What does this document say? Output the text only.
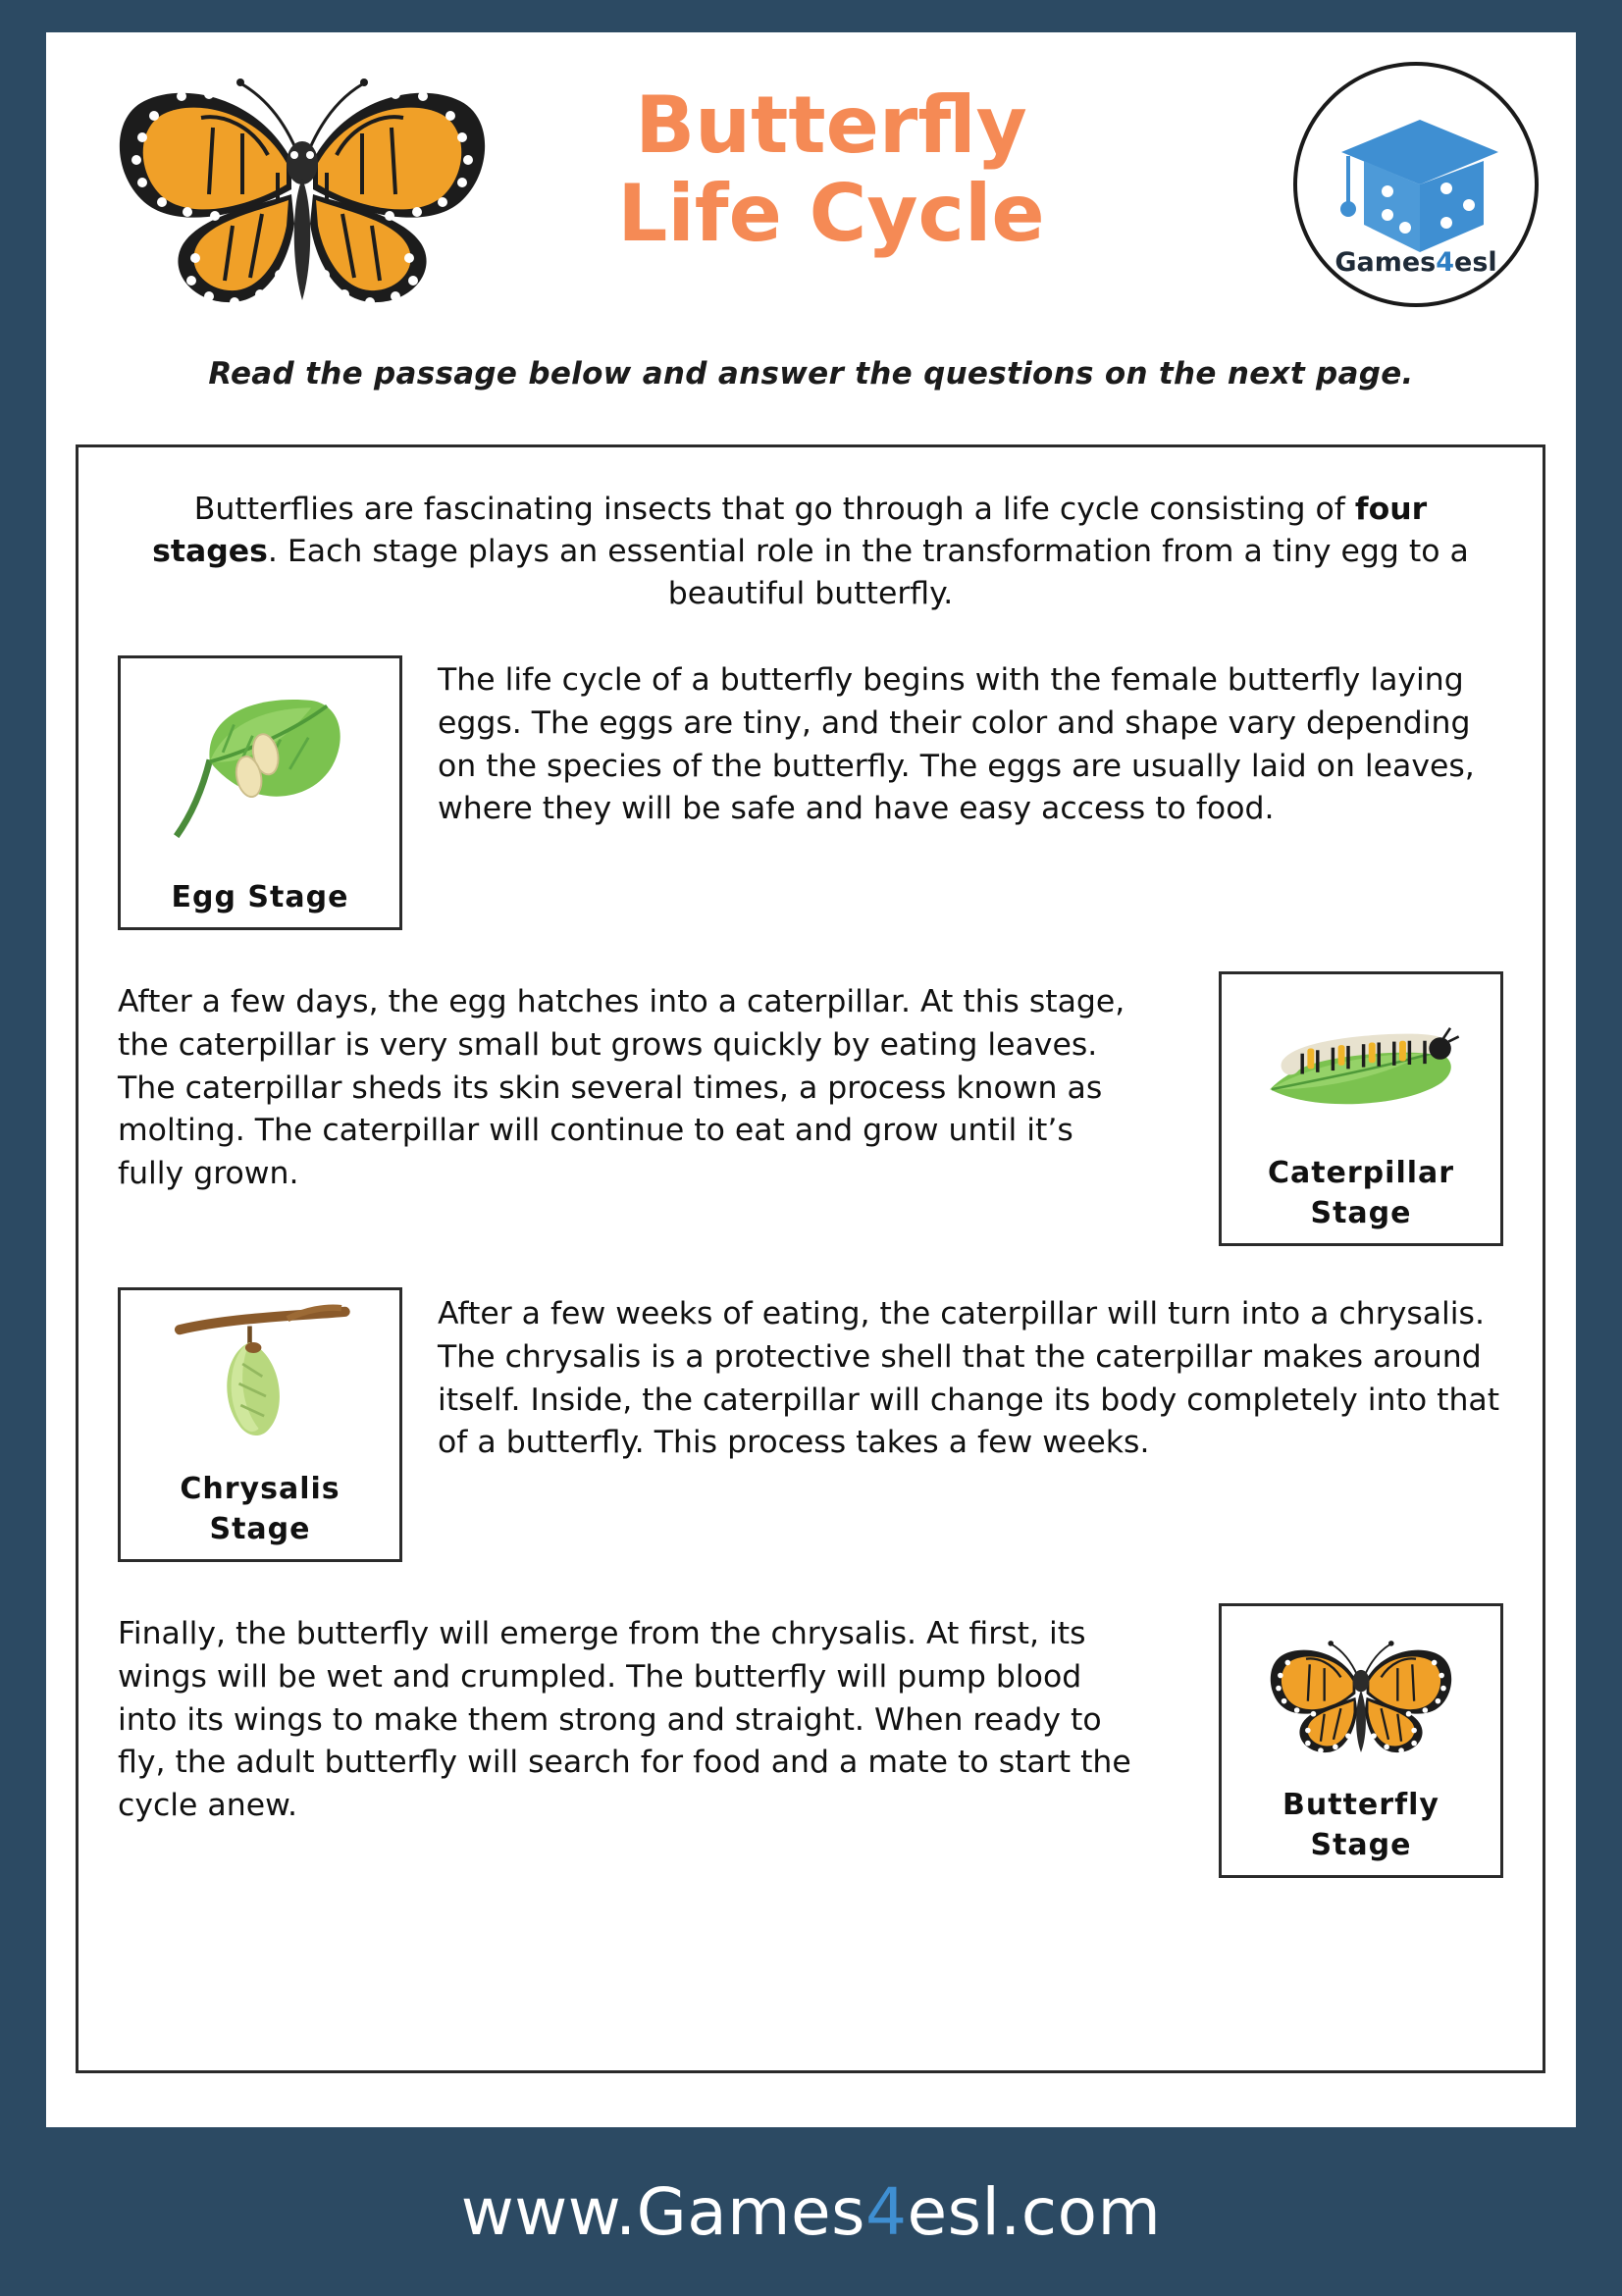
Butterfly
Life Cycle
Games4esl
Read the passage below and answer the questions on the next page.

Butterflies are fascinating insects that go through a life cycle consisting of four stages. Each stage plays an essential role in the transformation from a tiny egg to a beautiful butterfly.

Egg Stage
The life cycle of a butterfly begins with the female butterfly laying eggs. The eggs are tiny, and their color and shape vary depending on the species of the butterfly. The eggs are usually laid on leaves, where they will be safe and have easy access to food.
After a few days, the egg hatches into a caterpillar. At this stage, the caterpillar is very small but grows quickly by eating leaves. The caterpillar sheds its skin several times, a process known as molting. The caterpillar will continue to eat and grow until it’s fully grown.	Caterpillar
Stage
Chrysalis
Stage
After a few weeks of eating, the caterpillar will turn into a chrysalis. The chrysalis is a protective shell that the caterpillar makes around itself. Inside, the caterpillar will change its body completely into that of a butterfly. This process takes a few weeks.
Finally, the butterfly will emerge from the chrysalis. At first, its wings will be wet and crumpled. The butterfly will pump blood into its wings to make them strong and straight. When ready to fly, the adult butterfly will search for food and a mate to start the cycle anew.	Butterfly
Stage
www.Games4esl.com
